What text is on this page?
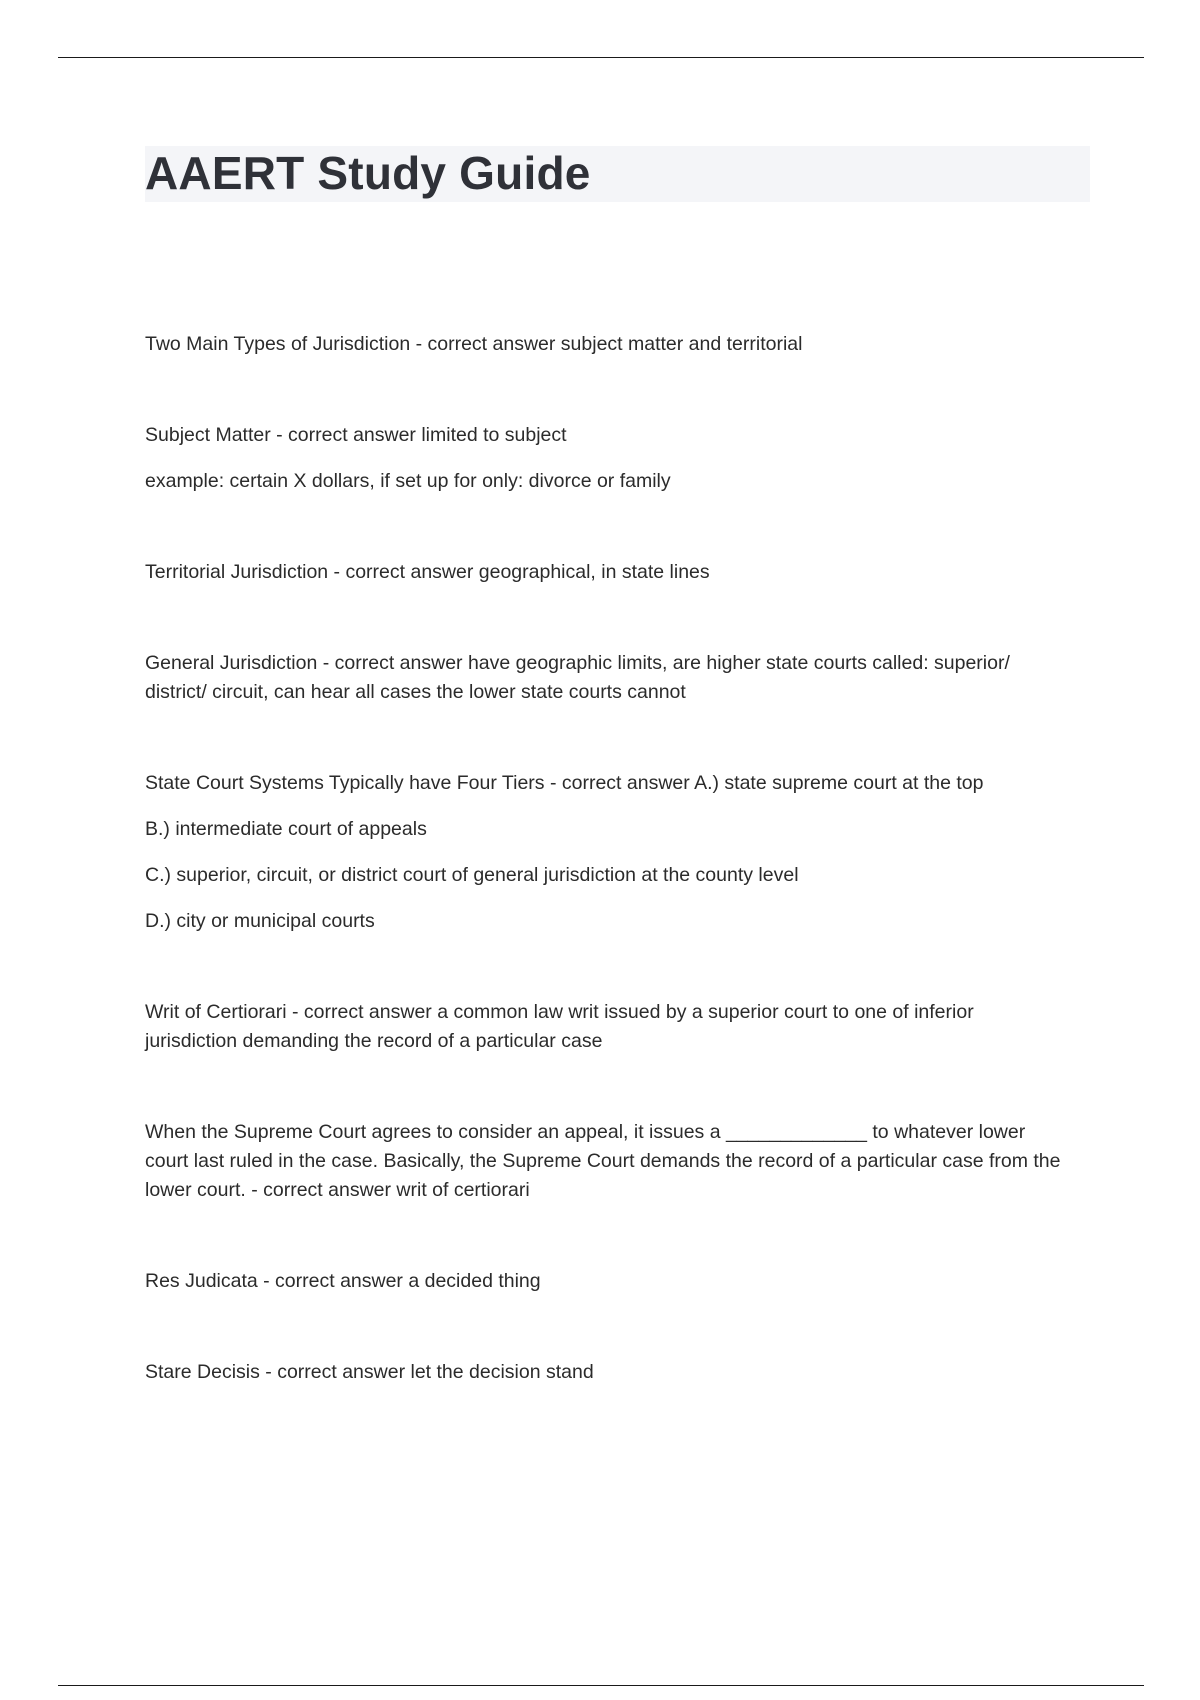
AAERT Study Guide

Two Main Types of Jurisdiction - correct answer subject matter and territorial

Subject Matter - correct answer limited to subject

example: certain X dollars, if set up for only: divorce or family

Territorial Jurisdiction - correct answer geographical, in state lines

General Jurisdiction - correct answer have geographic limits, are higher state courts called: superior/ district/ circuit, can hear all cases the lower state courts cannot

State Court Systems Typically have Four Tiers - correct answer A.) state supreme court at the top

B.) intermediate court of appeals

C.) superior, circuit, or district court of general jurisdiction at the county level

D.) city or municipal courts

Writ of Certiorari - correct answer a common law writ issued by a superior court to one of inferior jurisdiction demanding the record of a particular case

When the Supreme Court agrees to consider an appeal, it issues a _____________ to whatever lower court last ruled in the case. Basically, the Supreme Court demands the record of a particular case from the lower court. - correct answer writ of certiorari

Res Judicata - correct answer a decided thing

Stare Decisis - correct answer let the decision stand
